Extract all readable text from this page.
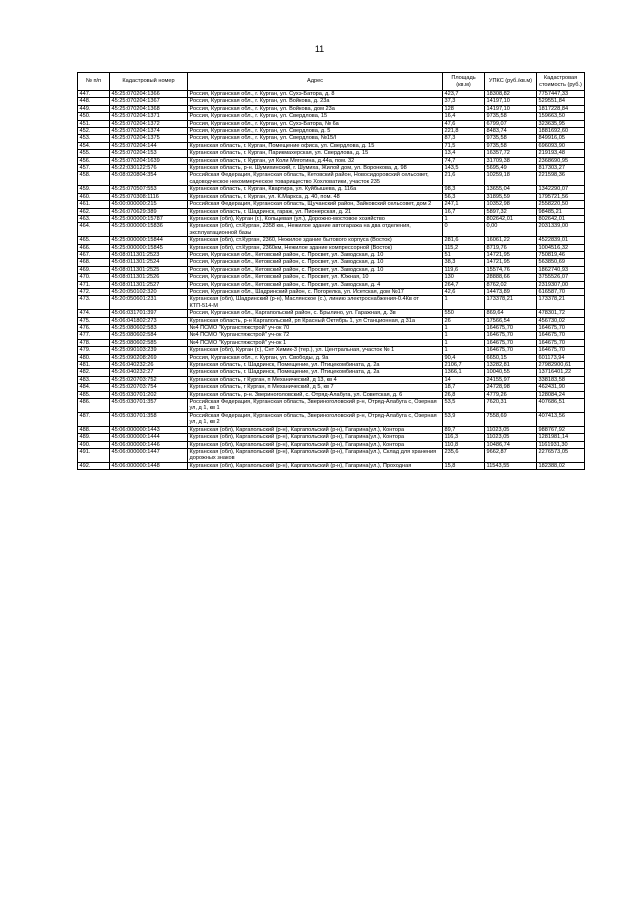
11
№ п/п	Кадастровый номер	Адрес	Площадь (кв.м)	УПКС (руб./кв.м)	Кадастровая стоимость (руб.)
447.	45:25:070204:1366	Россия, Курганская обл., г. Курган, ул. Сухэ-Батора, д. 8	423,7	18308,82	7757447,33
448.	45:25:070204:1367	Россия, Курганская обл., г. Курган, ул. Войкова, д. 23а	37,3	14197,10	529551,84
449.	45:25:070204:1368	Россия, Курганская обл., г. Курган, ул. Войкова, дом 23а	128	14197,10	1817228,84
450.	45:25:070204:1371	Россия, Курганская обл., г. Курган, ул. Свердлова, 15	16,4	9735,58	159663,50
451.	45:25:070204:1372	Россия, Курганская обл., г. Курган, ул. Сухэ-Батора, № 6а	47,6	6799,07	323635,95
452.	45:25:070204:1374	Россия, Курганская обл., г. Курган, ул. Свердлова, д. 5	221,8	8483,74	1881692,60
453.	45:25:070204:1375	Россия, Курганская обл., г. Курган, ул. Свердлова, №15/I	87,3	9735,58	849916,05
454.	45:25:070204:144	Курганская область, г. Курган, Помещение офиса, ул. Свердлова, д. 15	71,5	9735,58	696093,90
455.	45:25:070204:153	Курганская область, г. Курган, Парикмахерская, ул. Свердлова, д. 15	13,4	16357,72	219193,48
456.	45:25:070204:1639	Курганская область, г. Курган, ул Коли Мяготина, д.44а, пом. 32	74,7	31709,38	2368690,95
457.	45:22:030122:576	Курганская область, р-н. Шумихинский, г. Шумиха, Жилой дом, ул. Воронкова, д. 98	143,5	5695,49	817303,27
458.	45:08:020804:354	Российская Федерация, Курганская область, Кетовский район, Новосидоровский сельсовет, садоводческое некоммерческое товарищество Хохловатики, участок 235	21,6	10259,18	221598,36
459.	45:25:070507:553	Курганская область, г. Курган, Квартира, ул. Куйбышева, д. 116а	98,3	13655,04	1342290,07
460.	45:25:070308:1116	Курганская область, г. Курган, ул. К.Маркса, д. 40, пом. 48	56,3	31895,59	1795721,56
461.	45:00:000000:215	Российская Федерация, Курганская область, Щучанский район, Зайковский сельсовет, дом 2	247,1	10352,98	2558220,50
462.	45:26:070629:389	Курганская область, г. Шадринск, гараж, ул. Пионерская, д. 21	16,7	5897,32	98485,21
463.	45:25:000000:15787	Курганская (обл), Курган (г.), Кольцевая (ул.), Дорожно-мостовое хозяйство	1	802642,01	802642,01
464.	45:25:000000:15836	Курганская (обл), ст.Курган, 2358 км., Нежилое здание автогаража на два отделения, эксплуатационной базы	0	0,00	2031339,00
465.	45:25:000000:15844	Курганская (обл), ст.Курган, 2360, Нежилое здание бытового корпуса (Восток)	281,6	16061,22	4522839,01
466.	45:25:000000:15845	Курганская (обл), ст.Курган, 2360км, Нежилое здание компрессорной (Восток)	115,2	8719,76	1004516,32
467.	45:08:011301:2523	Россия, Курганская обл., Кетовский район, с. Просвет, ул. Заводская, д. 10	51	14721,95	750819,46
468.	45:08:011301:2524	Россия, Курганская обл., Кетовский район, с. Просвет, ул. Заводская, д. 10	38,3	14721,95	563850,69
469.	45:08:011301:2525	Россия, Курганская обл., Кетовский район, с. Просвет, ул. Заводская, д. 10	119,6	15574,76	1862740,93
470.	45:08:011301:2526	Россия, Курганская обл., Кетовский район, с. Просвет, ул. Южная, 10	130	28888,66	3755526,07
471.	45:08:011301:2527	Россия, Курганская обл., Кетовский район, с. Просвет, ул. Заводская, д. 4	264,7	8762,02	2319307,00
472.	45:20:050102:320	Россия, Курганская обл., Шадринский район, с. Погорелка, ул. Исетская, дом №17	42,6	14473,89	616587,70
473.	45:20:050601:231	Курганская (обл), Шадринский (р-н), Маслянское (с.), линию электроснабжения-0.4Кв от КТП-514-М	1	173378,21	173378,21
474.	45:06:031701:397	Россия, Курганская обл., Каргапольский район, с. Брылино, ул. Гаражная, д. 3в	550	869,64	478301,72
475.	45:06:041802:273	Курганская область, р-н Каргапольский, рп Красный Октябрь 1, ул Станционная, д 31а	26	17566,54	456730,02
476.	45:25:080602:583	№4 ПСМО "Курганстяжстрой" уч-ок 70	1	164675,70	164675,70
477.	45:25:080602:584	№4 ПСМО "Курганстяжстрой" уч-ок 72	1	164675,70	164675,70
478.	45:25:080602:585	№4 ПСМО "Курганстяжстрой" уч-ок 1	1	164675,70	164675,70
479.	45:25:090103:239	Курганская (обл), Курган (г.), Снт Химик-3 (тер.), ул. Центральная, участок № 1	1	164675,70	164675,70
480.	45:25:090208:269	Россия, Курганская обл., г. Курган, ул. Свободы, д. 9а	90,4	6650,15	601173,94
481.	45:26:040232:26	Курганская область, г. Шадринск, Помещение, ул. Птицекомбината, д. 2а	2106,7	13282,81	27982900,61
482.	45:26:040232:27	Курганская область, г. Шадринск, Помещение, ул. Птицекомбината, д. 2а	1366,1	10040,55	13716401,22
483.	45:25:020703:752	Курганская область, г Курган, п Механический, д 13, кв 4	14	24155,97	338183,58
484.	45:25:020703:754	Курганская область, г Курган, п Механический, д 5, кв 7	18,7	24728,98	462431,90
485.	45:05:030701:202	Курганская область, р-н. Звериноголовский, с. Отряд-Алабуга, ул. Советская, д. 6	26,8	4779,26	128084,24
486.	45:05:030701:357	Российская Федерация, Курганская область, Звериноголовский р-н, Отряд-Алабуга с, Озерная ул, д 1, кв 1	53,5	7620,31	407686,51
487.	45:05:030701:358	Российская Федерация, Курганская область, Звериноголовский р-н, Отряд-Алабуга с, Озерная ул, д 1, кв 2	53,9	7558,69	407413,56
488.	45:06:000000:1443	Курганская (обл), Каргапольский (р-н), Каргапольский (р-н), Гагарина(ул.), Контора	89,7	11023,05	988767,92
489.	45:06:000000:1444	Курганская (обл), Каргапольский (р-н), Каргапольский (р-н), Гагарина(ул.), Контора	116,3	11023,05	1281981,14
490.	45:06:000000:1446	Курганская (обл), Каргапольский (р-н), Каргапольский (р-н), Гагарина(ул.), Контора	110,8	10486,74	1161931,30
491.	45:06:000000:1447	Курганская (обл), Каргапольский (р-н), Каргапольский (р-н), Гагарина(ул.), Склад для хранения дорожных знаков	235,6	9662,87	2276573,05
492.	45:06:000000:1448	Курганская (обл), Каргапольский (р-н), Каргапольский (р-н), Гагарина(ул.), Проходная	15,8	11543,55	182388,02
